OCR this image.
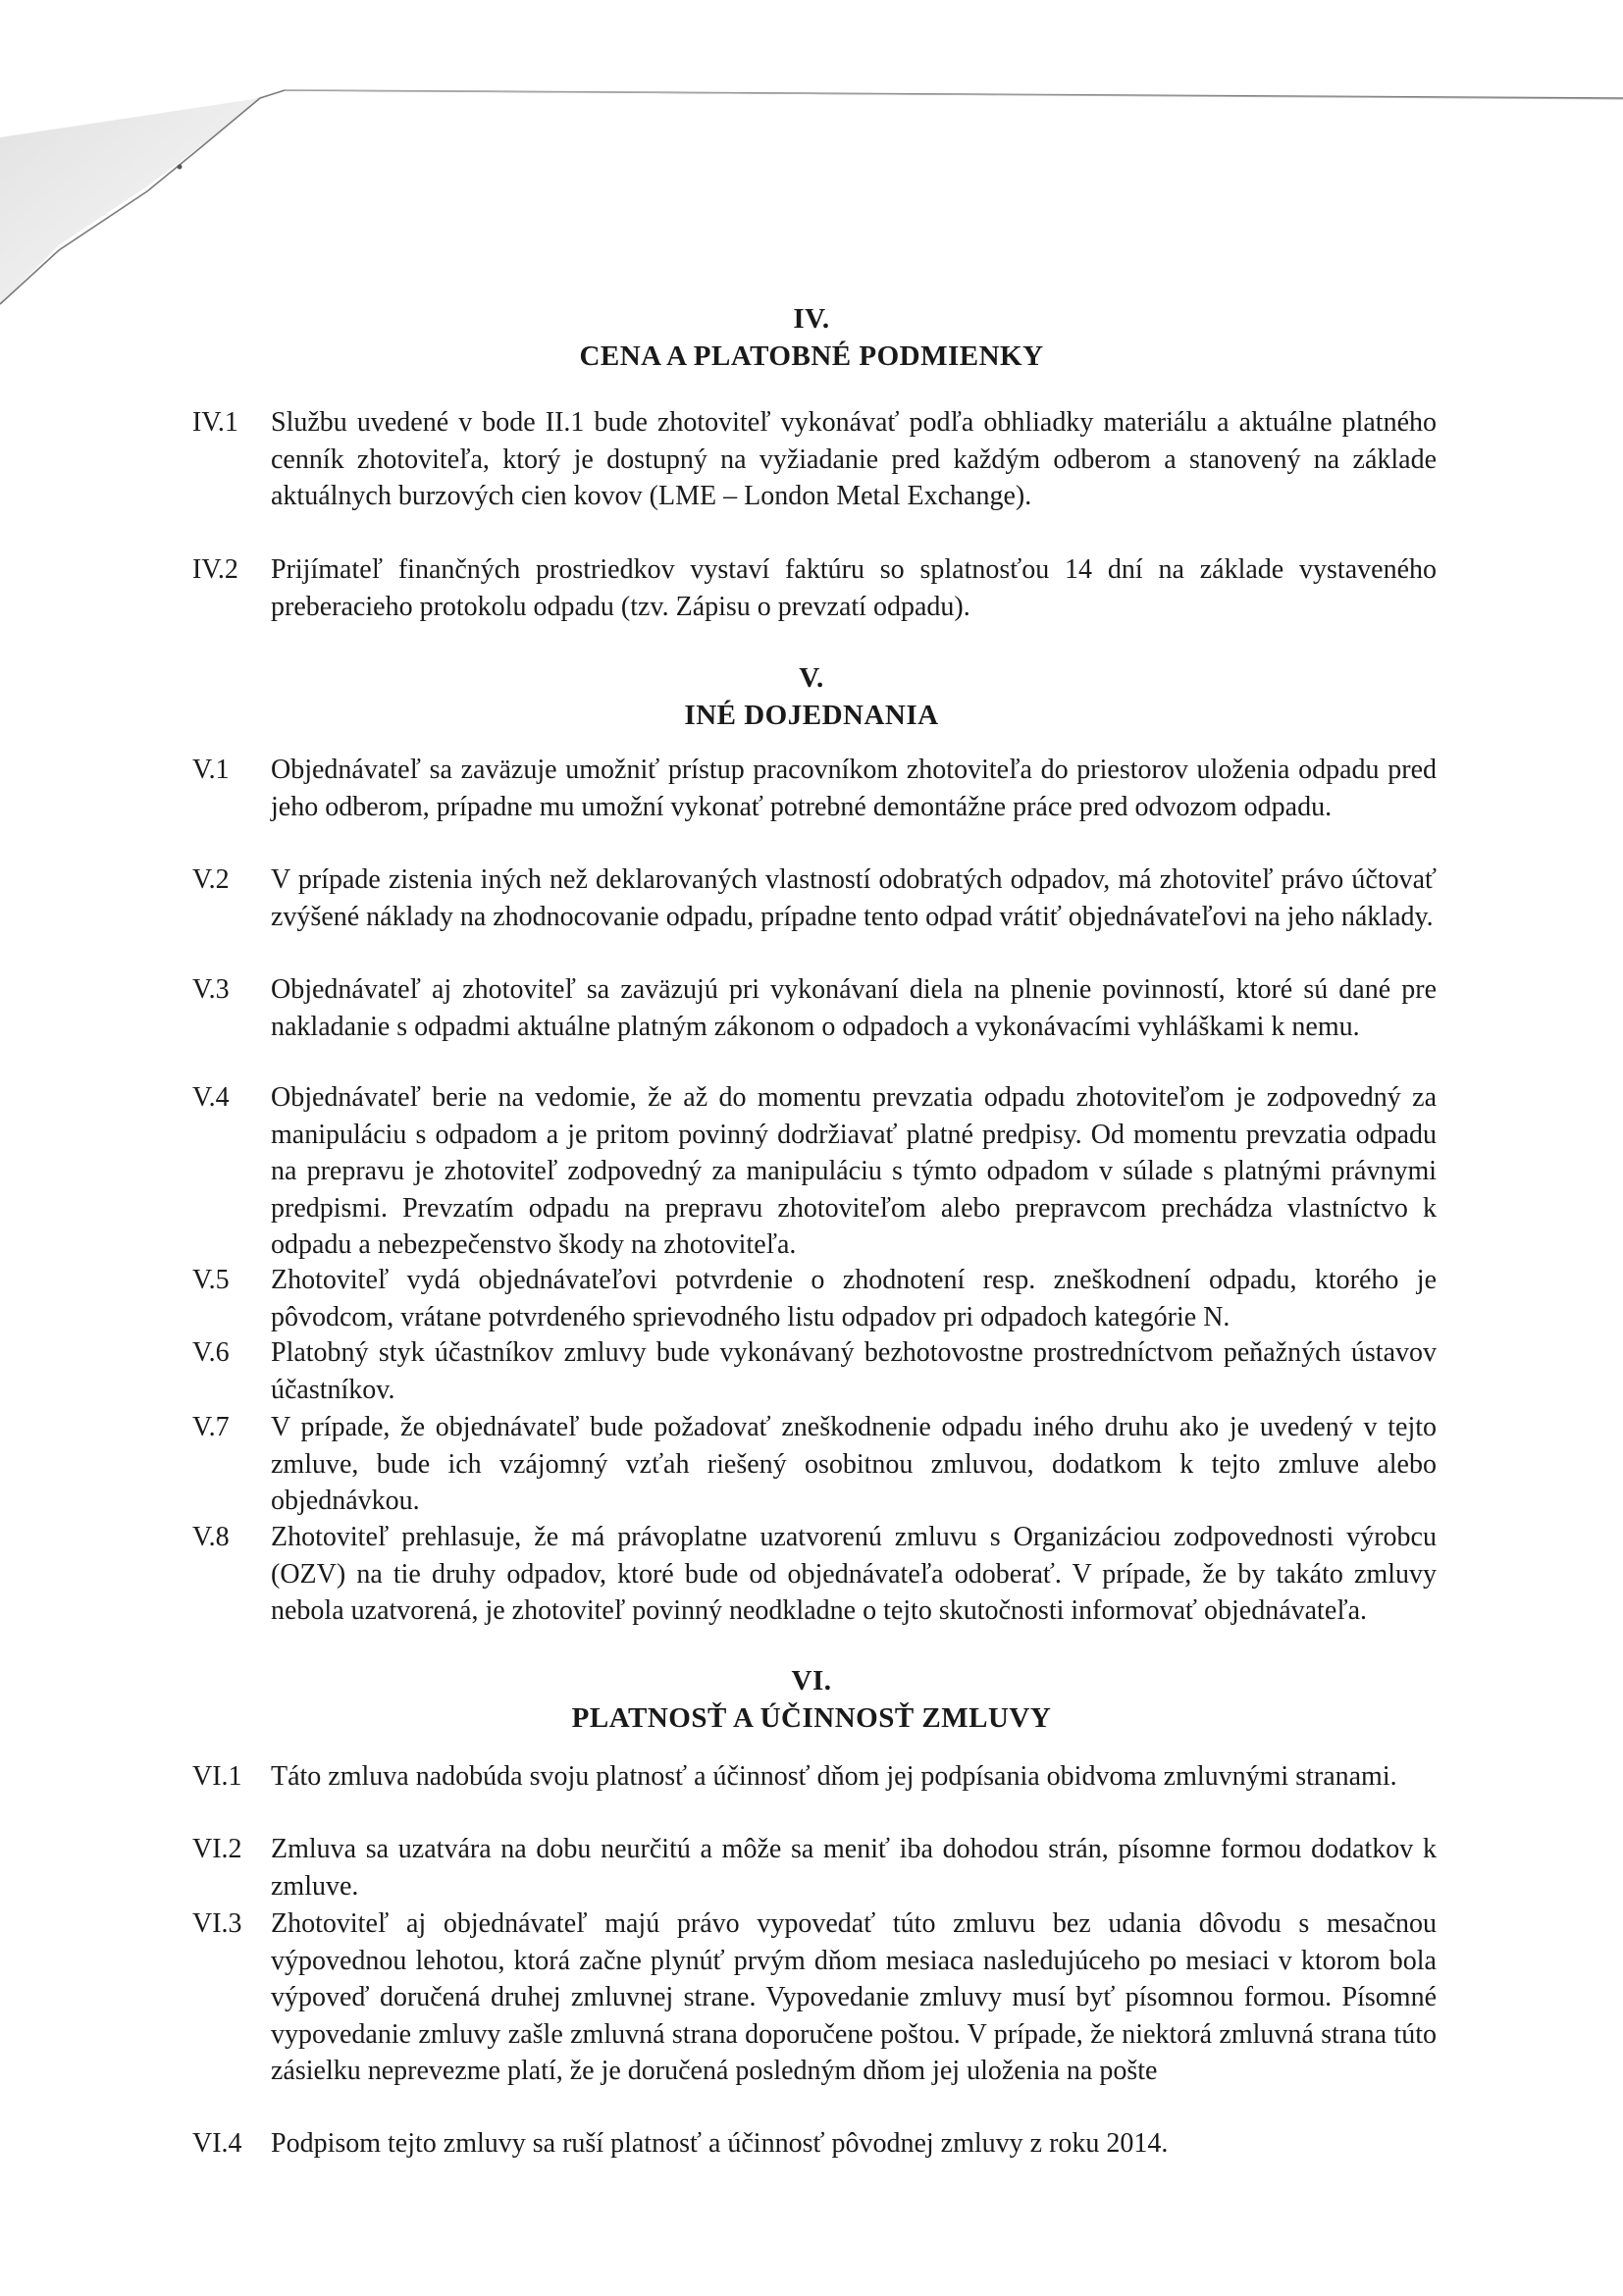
IV.
CENA A PLATOBNÉ PODMIENKY
IV.1	Službu uvedené v bode II.1 bude zhotoviteľ vykonávať podľa obhliadky materiálu a aktuálne platného cenník zhotoviteľa, ktorý je dostupný na vyžiadanie pred každým odberom a stanovený na základe aktuálnych burzových cien kovov (LME – London Metal Exchange).
IV.2	Prijímateľ finančných prostriedkov vystaví faktúru so splatnosťou 14 dní na základe vystaveného preberacieho protokolu odpadu (tzv. Zápisu o prevzatí odpadu).
V.
INÉ DOJEDNANIA
V.1	Objednávateľ sa zaväzuje umožniť prístup pracovníkom zhotoviteľa do priestorov uloženia odpadu pred jeho odberom, prípadne mu umožní vykonať potrebné demontážne práce pred odvozom odpadu.
V.2	V prípade zistenia iných než deklarovaných vlastností odobratých odpadov, má zhotoviteľ právo účtovať zvýšené náklady na zhodnocovanie odpadu, prípadne tento odpad vrátiť objednávateľovi na jeho náklady.
V.3	Objednávateľ aj zhotoviteľ sa zaväzujú pri vykonávaní diela na plnenie povinností, ktoré sú dané pre nakladanie s odpadmi aktuálne platným zákonom o odpadoch a vykonávacími vyhláškami k nemu.
V.4	Objednávateľ berie na vedomie, že až do momentu prevzatia odpadu zhotoviteľom je zodpovedný za manipuláciu s odpadom a je pritom povinný dodržiavať platné predpisy. Od momentu prevzatia odpadu na prepravu je zhotoviteľ zodpovedný za manipuláciu s týmto odpadom v súlade s platnými právnymi predpismi. Prevzatím odpadu na prepravu zhotoviteľom alebo prepravcom prechádza vlastníctvo k odpadu a nebezpečenstvo škody na zhotoviteľa.
V.5	Zhotoviteľ vydá objednávateľovi potvrdenie o zhodnotení resp. zneškodnení odpadu, ktorého je pôvodcom, vrátane potvrdeného sprievodného listu odpadov pri odpadoch kategórie N.
V.6	Platobný styk účastníkov zmluvy bude vykonávaný bezhotovostne prostredníctvom peňažných ústavov účastníkov.
V.7	V prípade, že objednávateľ bude požadovať zneškodnenie odpadu iného druhu ako je uvedený v tejto zmluve, bude ich vzájomný vzťah riešený osobitnou zmluvou, dodatkom k tejto zmluve alebo objednávkou.
V.8	Zhotoviteľ prehlasuje, že má právoplatne uzatvorenú zmluvu s Organizáciou zodpovednosti výrobcu (OZV) na tie druhy odpadov, ktoré bude od objednávateľa odoberať. V prípade, že by takáto zmluvy nebola uzatvorená, je zhotoviteľ povinný neodkladne o tejto skutočnosti informovať objednávateľa.
VI.
PLATNOSŤ A ÚČINNOSŤ ZMLUVY
VI.1	Táto zmluva nadobúda svoju platnosť a účinnosť dňom jej podpísania obidvoma zmluvnými stranami.
VI.2	Zmluva sa uzatvára na dobu neurčitú a môže sa meniť iba dohodou strán, písomne formou dodatkov k zmluve.
VI.3	Zhotoviteľ aj objednávateľ majú právo vypovedať túto zmluvu bez udania dôvodu s mesačnou výpovednou lehotou, ktorá začne plynúť prvým dňom mesiaca nasledujúceho po mesiaci v ktorom bola výpoveď doručená druhej zmluvnej strane. Vypovedanie zmluvy musí byť písomnou formou. Písomné vypovedanie zmluvy zašle zmluvná strana doporučene poštou. V prípade, že niektorá zmluvná strana túto zásielku neprevezme platí, že je doručená posledným dňom jej uloženia na pošte
VI.4	Podpisom tejto zmluvy sa ruší platnosť a účinnosť pôvodnej zmluvy z roku 2014.
